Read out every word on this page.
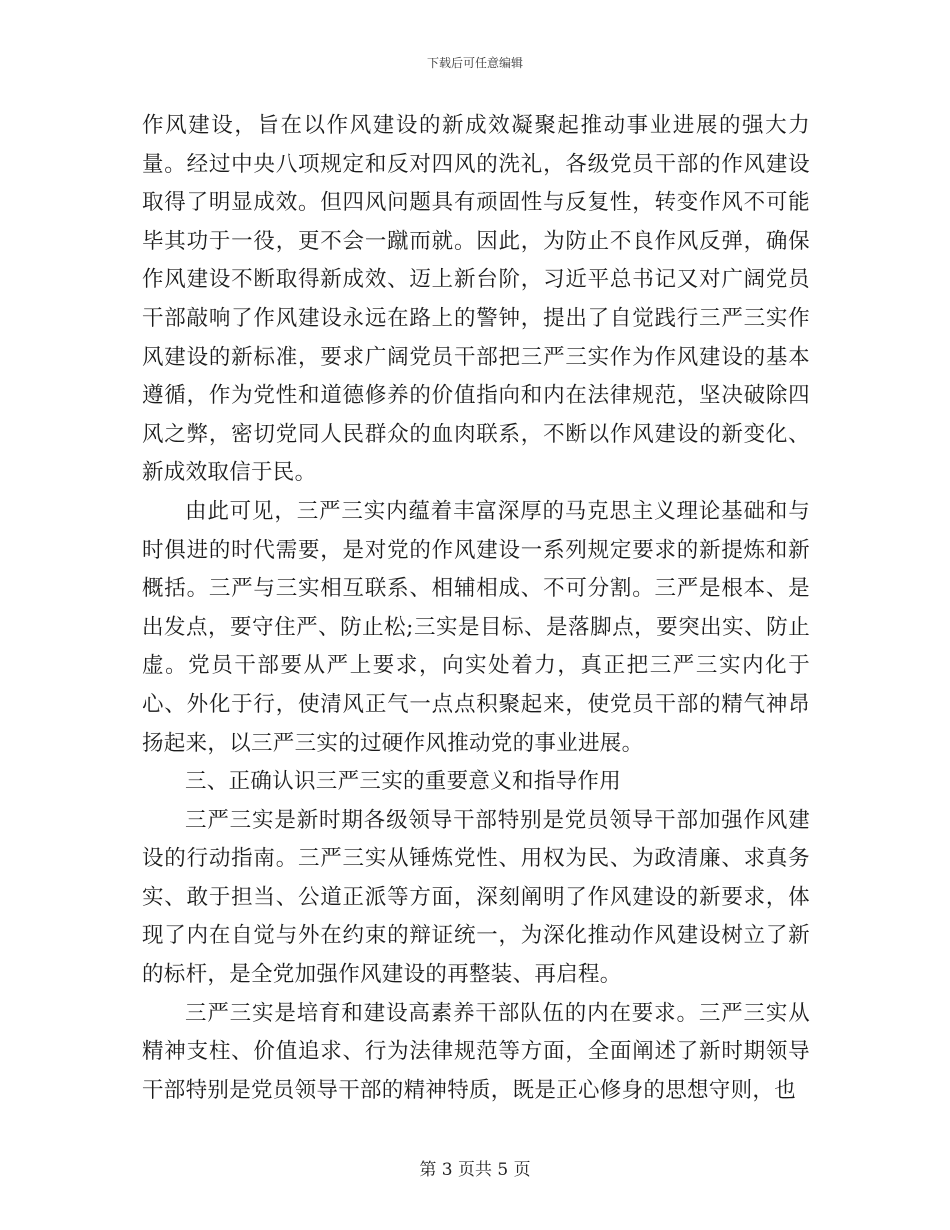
下载后可任意编辑

作风建设，旨在以作风建设的新成效凝聚起推动事业进展的强大力量。经过中央八项规定和反对四风的洗礼，各级党员干部的作风建设取得了明显成效。但四风问题具有顽固性与反复性，转变作风不可能毕其功于一役，更不会一蹴而就。因此，为防止不良作风反弹，确保作风建设不断取得新成效、迈上新台阶，习近平总书记又对广阔党员干部敲响了作风建设永远在路上的警钟，提出了自觉践行三严三实作风建设的新标准，要求广阔党员干部把三严三实作为作风建设的基本遵循，作为党性和道德修养的价值指向和内在法律规范，坚决破除四风之弊，密切党同人民群众的血肉联系，不断以作风建设的新变化、新成效取信于民。

由此可见，三严三实内蕴着丰富深厚的马克思主义理论基础和与时俱进的时代需要，是对党的作风建设一系列规定要求的新提炼和新概括。三严与三实相互联系、相辅相成、不可分割。三严是根本、是出发点，要守住严、防止松;三实是目标、是落脚点，要突出实、防止虚。党员干部要从严上要求，向实处着力，真正把三严三实内化于心、外化于行，使清风正气一点点积聚起来，使党员干部的精气神昂扬起来，以三严三实的过硬作风推动党的事业进展。

三、正确认识三严三实的重要意义和指导作用

三严三实是新时期各级领导干部特别是党员领导干部加强作风建设的行动指南。三严三实从锤炼党性、用权为民、为政清廉、求真务实、敢于担当、公道正派等方面，深刻阐明了作风建设的新要求，体现了内在自觉与外在约束的辩证统一，为深化推动作风建设树立了新的标杆，是全党加强作风建设的再整装、再启程。

三严三实是培育和建设高素养干部队伍的内在要求。三严三实从精神支柱、价值追求、行为法律规范等方面，全面阐述了新时期领导干部特别是党员领导干部的精神特质，既是正心修身的思想守则，也

第 3 页共 5 页
